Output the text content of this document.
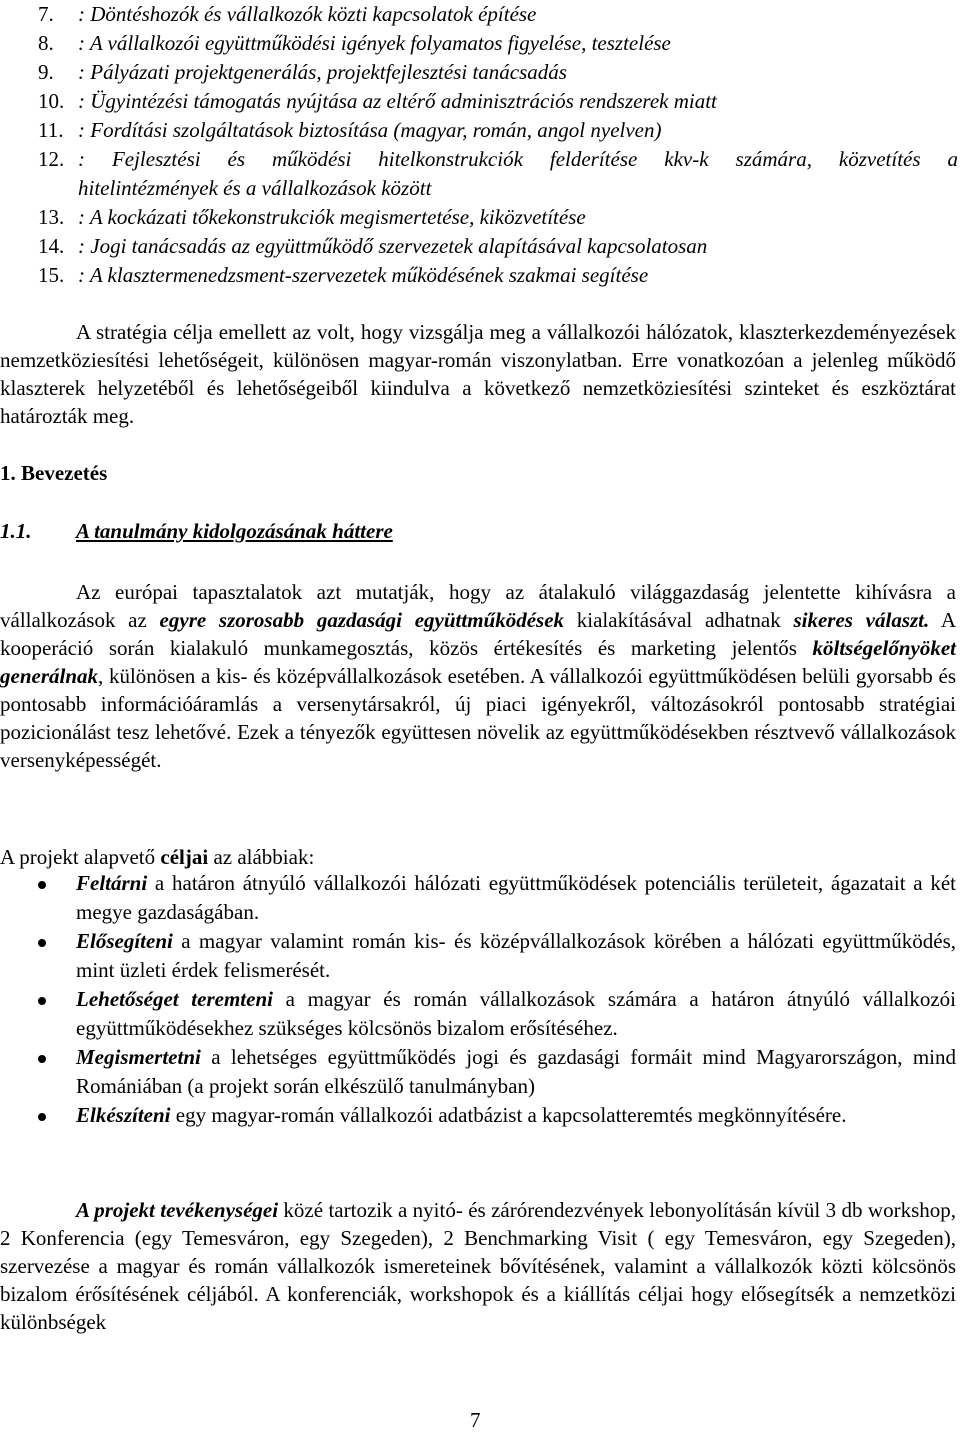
7.	: Döntéshozók és vállalkozók közti kapcsolatok építése
8.	: A vállalkozói együttműködési igények folyamatos figyelése, tesztelése
9.	: Pályázati projektgenerálás, projektfejlesztési tanácsadás
10. : Ügyintézési támogatás nyújtása az eltérő adminisztrációs rendszerek miatt
11. : Fordítási szolgáltatások biztosítása (magyar, román, angol nyelven)
12. : Fejlesztési és működési hitelkonstrukciók felderítése kkv-k számára, közvetítés a
hitelintézmények és a vállalkozások között
13. : A kockázati tőkekonstrukciók megismertetése, kiközvetítése
14. : Jogi tanácsadás az együttműködő szervezetek alapításával kapcsolatosan
15. : A klasztermenedzsment-szervezetek működésének szakmai segítése

A stratégia célja emellett az volt, hogy vizsgálja meg a vállalkozói hálózatok, klaszterkezdeményezések nemzetköziesítési lehetőségeit, különösen magyar-román viszonylatban. Erre vonatkozóan a jelenleg működő klaszterek helyzetéből és lehetőségeiből kiindulva a következő nemzetköziesítési szinteket és eszköztárat határozták meg.

1. Bevezetés
1.1. A tanulmány kidolgozásának háttere

Az európai tapasztalatok azt mutatják, hogy az átalakuló világgazdaság jelentette kihívásra a vállalkozások az egyre szorosabb gazdasági együttműködések kialakításával adhatnak sikeres választ. A kooperáció során kialakuló munkamegosztás, közös értékesítés és marketing jelentős költségelőnyöket generálnak, különösen a kis- és középvállalkozások esetében. A vállalkozói együttműködésen belüli gyorsabb és pontosabb információáramlás a versenytársakról, új piaci igényekről, változásokról pontosabb stratégiai pozicionálást tesz lehetővé. Ezek a tényezők együttesen növelik az együttműködésekben résztvevő vállalkozások versenyképességét.

A projekt alapvető céljai az alábbiak:

Feltárni a határon átnyúló vállalkozói hálózati együttműködések potenciális területeit, ágazatait a két megye gazdaságában.
Elősegíteni a magyar valamint román kis- és középvállalkozások körében a hálózati együttműködés, mint üzleti érdek felismerését.
Lehetőséget teremteni a magyar és román vállalkozások számára a határon átnyúló vállalkozói együttműködésekhez szükséges kölcsönös bizalom erősítéséhez.
Megismertetni a lehetséges együttműködés jogi és gazdasági formáit mind Magyarországon, mind Romániában (a projekt során elkészülő tanulmányban)
Elkészíteni egy magyar-román vállalkozói adatbázist a kapcsolatteremtés megkönnyítésére.

A projekt tevékenységei közé tartozik a nyitó- és zárórendezvények lebonyolításán kívül 3 db workshop, 2 Konferencia (egy Temesváron, egy Szegeden), 2 Benchmarking Visit ( egy Temesváron, egy Szegeden), szervezése a magyar és román vállalkozók ismereteinek bővítésének, valamint a vállalkozók közti kölcsönös bizalom érősítésének céljából. A konferenciák, workshopok és a kiállítás céljai hogy elősegítsék a nemzetközi különbségek

7
